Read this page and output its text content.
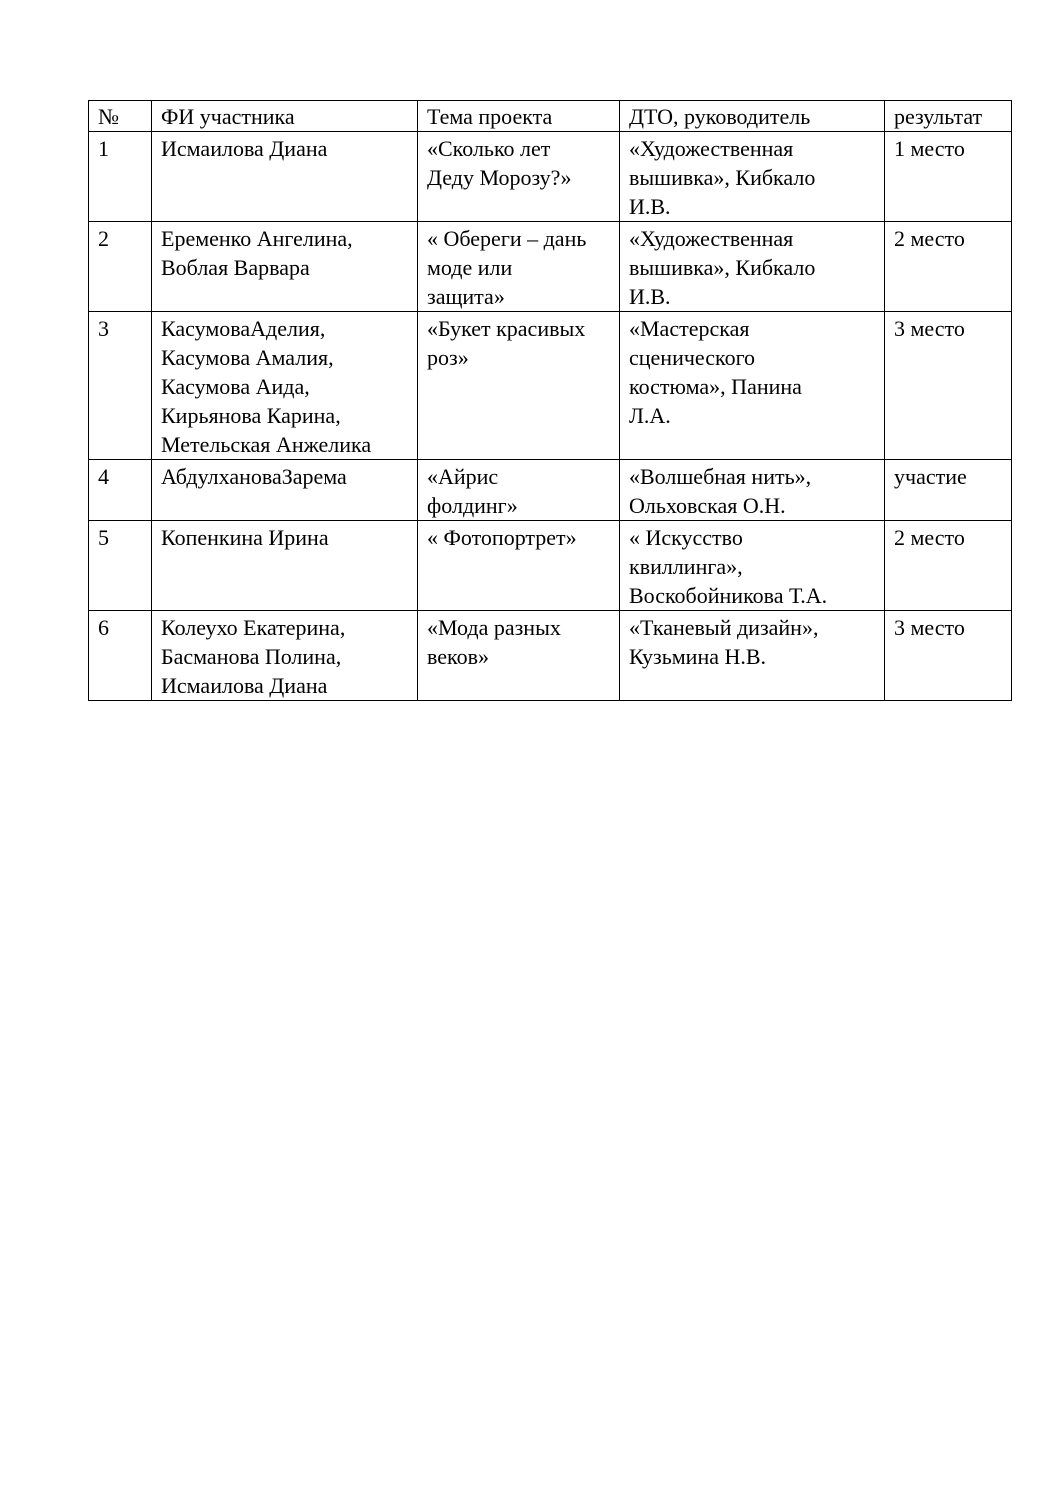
№	ФИ участника	Тема проекта	ДТО, руководитель	результат
1	Исмаилова Диана	«Сколько лет
Деду Морозу?»	«Художественная
вышивка», Кибкало
И.В.	1 место
2	Еременко Ангелина,
Воблая Варвара	« Обереги – дань
моде или
защита»	«Художественная
вышивка», Кибкало
И.В.	2 место
3	КасумоваАделия,
Касумова Амалия,
Касумова Аида,
Кирьянова Карина,
Метельская Анжелика	«Букет красивых
роз»	«Мастерская
сценического
костюма», Панина
Л.А.	3 место
4	АбдулхановаЗарема	«Айрис
фолдинг»	«Волшебная нить»,
Ольховская О.Н.	участие
5	Копенкина Ирина	« Фотопортрет»	« Искусство
квиллинга»,
Воскобойникова Т.А.	2 место
6	Колеухо Екатерина,
Басманова Полина,
Исмаилова Диана	«Мода разных
веков»	«Тканевый дизайн»,
Кузьмина Н.В.	3 место
